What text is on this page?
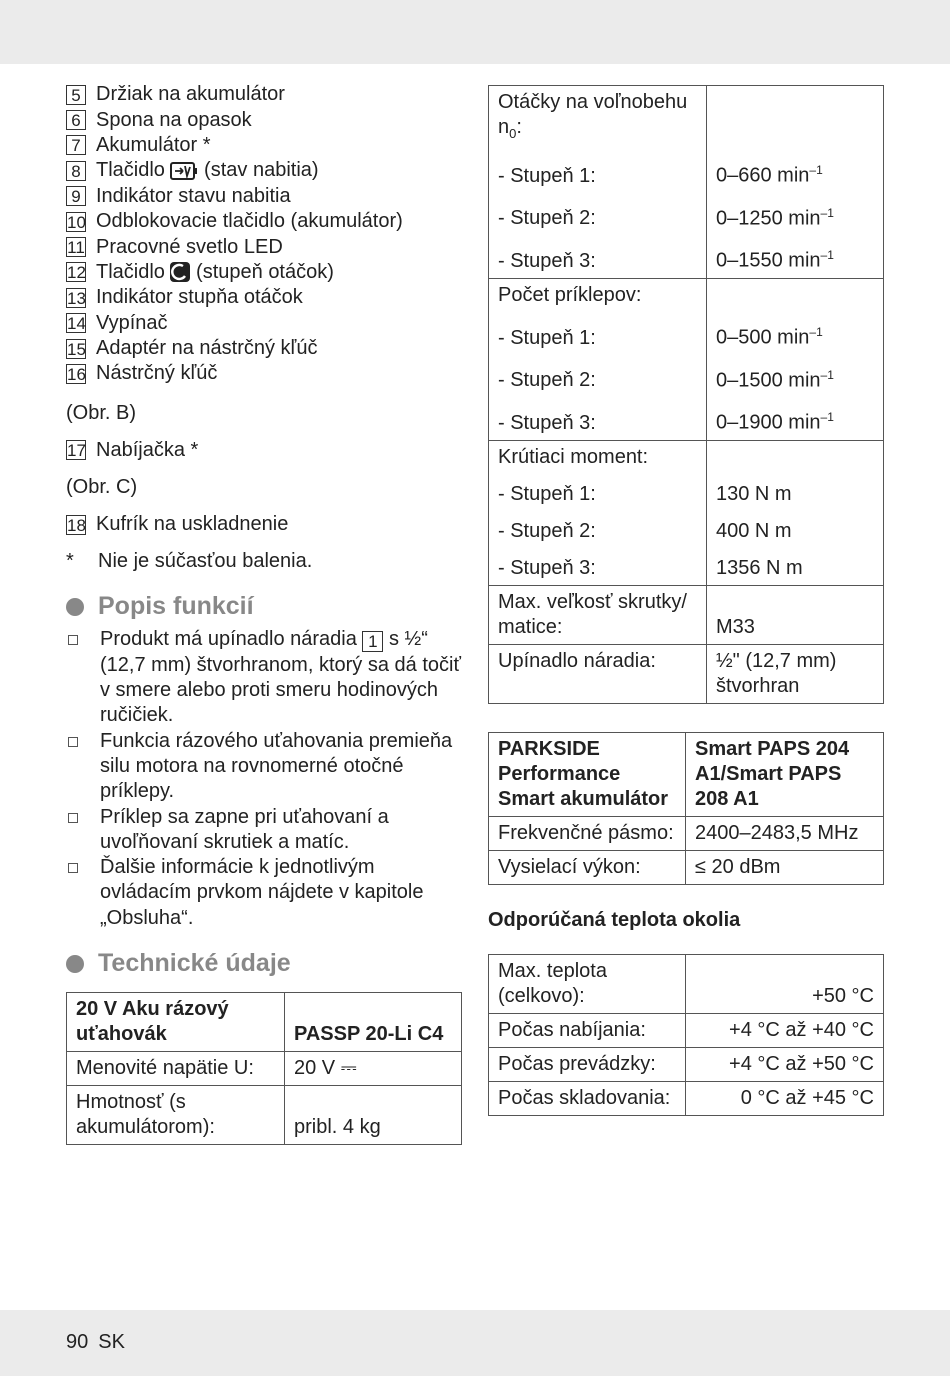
5 Držiak na akumulátor
6 Spona na opasok
7 Akumulátor *
8 Tlačidlo

(stav nabitia)
9 Indikátor stavu nabitia
10 Odblokovacie tlačidlo (akumulátor)
11 Pracovné svetlo LED
12 Tlačidlo

(stupeň otáčok)
13 Indikátor stupňa otáčok
14 Vypínač
15 Adaptér na nástrčný kľúč
16 Nástrčný kľúč
(Obr. B)
17 Nabíjačka *
(Obr. C)
18 Kufrík na uskladnenie
*	Nie je súčasťou balenia.
Popis funkcií
Produkt má upínadlo náradia 1 s ½“ (12,7 mm) štvorhranom, ktorý sa dá točiť v smere alebo proti smeru hodinových ručičiek.
Funkcia rázového uťahovania premieňa silu motora na rovnomerné otočné príklepy.
Príklep sa zapne pri uťahovaní a uvoľňovaní skrutiek a matíc.
Ďalšie informácie k jednotlivým ovládacím prvkom nájdete v kapitole „Obsluha“.
Technické údaje
20 V Aku rázový uťahovák	PASSP 20-Li C4
Menovité napätie U:	20 V ⎓
Hmotnosť (s akumulátorom):	pribl. 4 kg
Otáčky na voľnobehu $n_0$:	
- Stupeň 1:	0–660 $\min^{-1}$
- Stupeň 2:	0–1250 $\min^{-1}$
- Stupeň 3:	0–1550 $\min^{-1}$
Počet príklepov:	
- Stupeň 1:	0–500 $\min^{-1}$
- Stupeň 2:	0–1500 $\min^{-1}$
- Stupeň 3:	0–1900 $\min^{-1}$
Krútiaci moment:	
- Stupeň 1:	130 N m
- Stupeň 2:	400 N m
- Stupeň 3:	1356 N m
Max. veľkosť skrutky/ matice:	M33
Upínadlo náradia:	½" (12,7 mm) štvorhran
PARKSIDE Performance Smart akumulátor	Smart PAPS 204 A1/Smart PAPS 208 A1
Frekvenčné pásmo:	2400–2483,5 MHz
Vysielací výkon:	≤ 20 dBm
Odporúčaná teplota okolia
Max. teplota (celkovo):	+50 °C
Počas nabíjania:	+4 °C až +40 °C
Počas prevádzky:	+4 °C až +50 °C
Počas skladovania:	0 °C až +45 °C
90 SK
